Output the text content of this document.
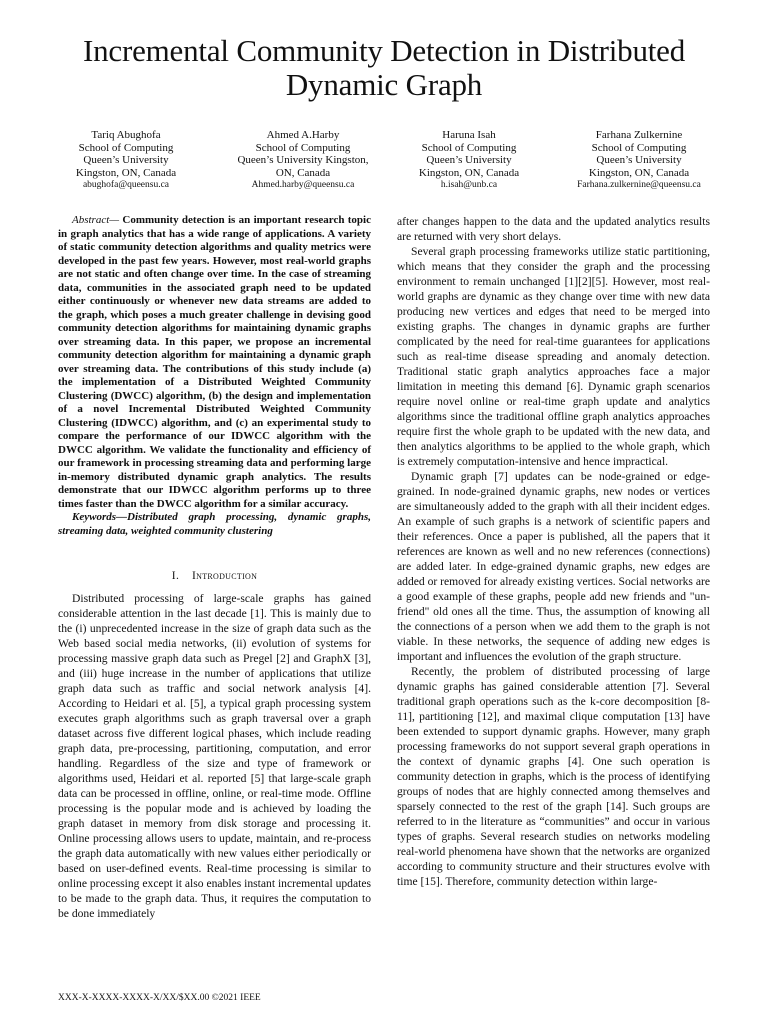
Incremental Community Detection in Distributed Dynamic Graph
Tariq Abughofa
School of Computing
Queen’s University
Kingston, ON, Canada
abughofa@queensu.ca
Ahmed A.Harby
School of Computing
Queen’s University Kingston,
ON, Canada
Ahmed.harby@queensu.ca
Haruna Isah
School of Computing
Queen’s University
Kingston, ON, Canada
h.isah@unb.ca
Farhana Zulkernine
School of Computing
Queen’s University
Kingston, ON, Canada
Farhana.zulkernine@queensu.ca

Abstract— Community detection is an important research topic in graph analytics that has a wide range of applications. A variety of static community detection algorithms and quality metrics were developed in the past few years. However, most real-world graphs are not static and often change over time. In the case of streaming data, communities in the associated graph need to be updated either continuously or whenever new data streams are added to the graph, which poses a much greater challenge in devising good community detection algorithms for maintaining dynamic graphs over streaming data. In this paper, we propose an incremental community detection algorithm for maintaining a dynamic graph over streaming data. The contributions of this study include (a) the implementation of a Distributed Weighted Community Clustering (DWCC) algorithm, (b) the design and implementation of a novel Incremental Distributed Weighted Community Clustering (IDWCC) algorithm, and (c) an experimental study to compare the performance of our IDWCC algorithm with the DWCC algorithm. We validate the functionality and efficiency of our framework in processing streaming data and performing large in-memory distributed dynamic graph analytics. The results demonstrate that our IDWCC algorithm performs up to three times faster than the DWCC algorithm for a similar accuracy.

Keywords—Distributed graph processing, dynamic graphs, streaming data, weighted community clustering

I. Introduction

Distributed processing of large-scale graphs has gained considerable attention in the last decade [1]. This is mainly due to the (i) unprecedented increase in the size of graph data such as the Web based social media networks, (ii) evolution of systems for processing massive graph data such as Pregel [2] and GraphX [3], and (iii) huge increase in the number of applications that utilize graph data such as traffic and social network analysis [4]. According to Heidari et al. [5], a typical graph processing system executes graph algorithms such as graph traversal over a graph dataset across five different logical phases, which include reading graph data, pre-processing, partitioning, computation, and error handling. Regardless of the size and type of framework or algorithms used, Heidari et al. reported [5] that large-scale graph data can be processed in offline, online, or real-time mode. Offline processing is the popular mode and is achieved by loading the graph dataset in memory from disk storage and processing it. Online processing allows users to update, maintain, and re-process the graph data automatically with new values either periodically or based on user-defined events. Real-time processing is similar to online processing except it also enables instant incremental updates to be made to the graph data. Thus, it requires the computation to be done immediately

after changes happen to the data and the updated analytics results are returned with very short delays.

Several graph processing frameworks utilize static partitioning, which means that they consider the graph and the processing environment to remain unchanged [1][2][5]. However, most real-world graphs are dynamic as they change over time with new data producing new vertices and edges that need to be merged into existing graphs. The changes in dynamic graphs are further complicated by the need for real-time guarantees for applications such as real-time disease spreading and anomaly detection. Traditional static graph analytics approaches face a major limitation in meeting this demand [6]. Dynamic graph scenarios require novel online or real-time graph update and analytics algorithms since the traditional offline graph analytics approaches require first the whole graph to be updated with the new data, and then analytics algorithms to be applied to the whole graph, which is extremely computation-intensive and hence impractical.

Dynamic graph [7] updates can be node-grained or edge-grained. In node-grained dynamic graphs, new nodes or vertices are simultaneously added to the graph with all their incident edges. An example of such graphs is a network of scientific papers and their references. Once a paper is published, all the papers that it references are known as well and no new references (connections) are added later. In edge-grained dynamic graphs, new edges are added or removed for already existing vertices. Social networks are a good example of these graphs, people add new friends and "un-friend" old ones all the time. Thus, the assumption of knowing all the connections of a person when we add them to the graph is not viable. In these networks, the sequence of adding new edges is important and influences the evolution of the graph structure.

Recently, the problem of distributed processing of large dynamic graphs has gained considerable attention [7]. Several traditional graph operations such as the k-core decomposition [8-11], partitioning [12], and maximal clique computation [13] have been extended to support dynamic graphs. However, many graph processing frameworks do not support several graph operations in the context of dynamic graphs [4]. One such operation is community detection in graphs, which is the process of identifying groups of nodes that are highly connected among themselves and sparsely connected to the rest of the graph [14]. Such groups are referred to in the literature as “communities” and occur in various types of graphs. Several research studies on networks modeling real-world phenomena have shown that the networks are organized according to community structure and their structures evolve with time [15]. Therefore, community detection within large-

XXX-X-XXXX-XXXX-X/XX/$XX.00 ©2021 IEEE
